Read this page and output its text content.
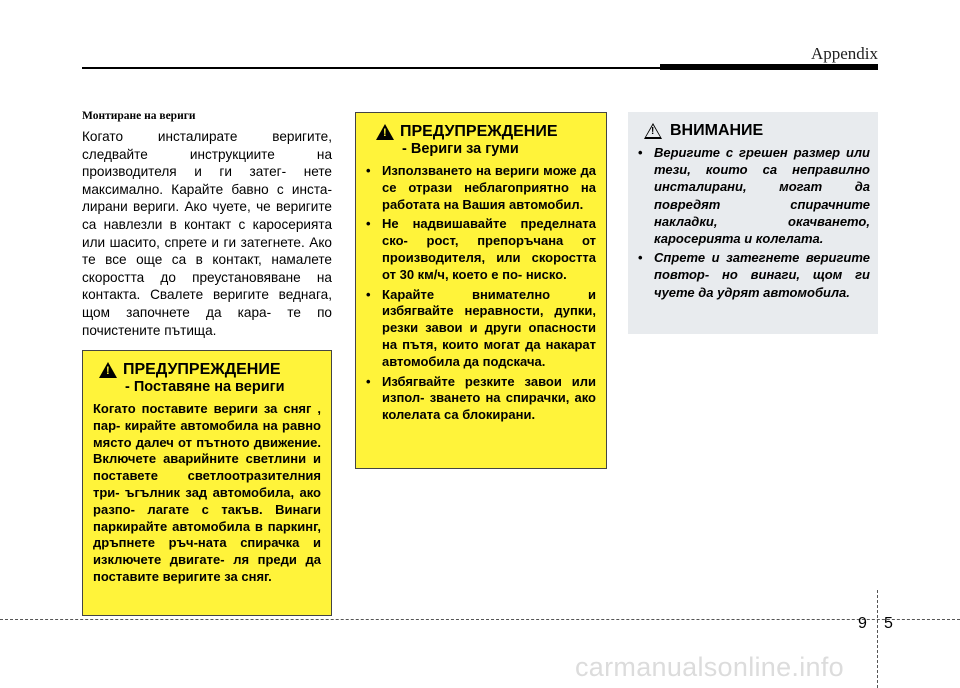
Appendix
Монтиране на вериги
Когато инсталирате веригите, следвайте инструкциите на производителя и ги затег- нете максимално. Карайте бавно с инста- лирани вериги. Ако чуете, че веригите са навлезли в контакт с каросерията или шасито, спрете и ги затегнете. Ако те все още са в контакт, намалете скоростта до преустановяване на контакта. Свалете веригите веднага, щом започнете да кара- те по почистените пътища.
!
ПРЕДУПРЕЖДЕНИЕ
- Поставяне на вериги
Когато поставите вериги за сняг , пар- кирайте автомобила на равно място далеч от пътното движение. Включете аварийните светлини и поставете светлоотразителния три- ъгълник зад автомобила, ако разпо- лагате с такъв. Винаги паркирайте автомобила в паркинг, дръпнете ръч-ната спирачка и изключете двигате- ля преди да поставите веригите за сняг.
!
ПРЕДУПРЕЖДЕНИЕ
- Вериги за гуми
• Използването на вериги може да се отрази неблагоприятно на работата на Вашия автомобил.
• Не надвишавайте пределната ско- рост, препоръчана от производителя, или скоростта от 30 км/ч, което е по- ниско.
• Карайте внимателно и избягвайте неравности, дупки, резки завои и други опасности на пътя, които могат да накарат автомобила да подскача.
• Избягвайте резките завои или изпол- зването на спирачки, ако колелата са блокирани.
!
ВНИМАНИЕ
• Веригите с грешен размер или тези, които са неправилно инсталирани, могат да повредят спирачните накладки, окачването, каросерията и колелата.
• Спрете и затегнете веригите повтор- но винаги, щом ги чуете да удрят автомобила.
9 5
carmanualsonline.info
